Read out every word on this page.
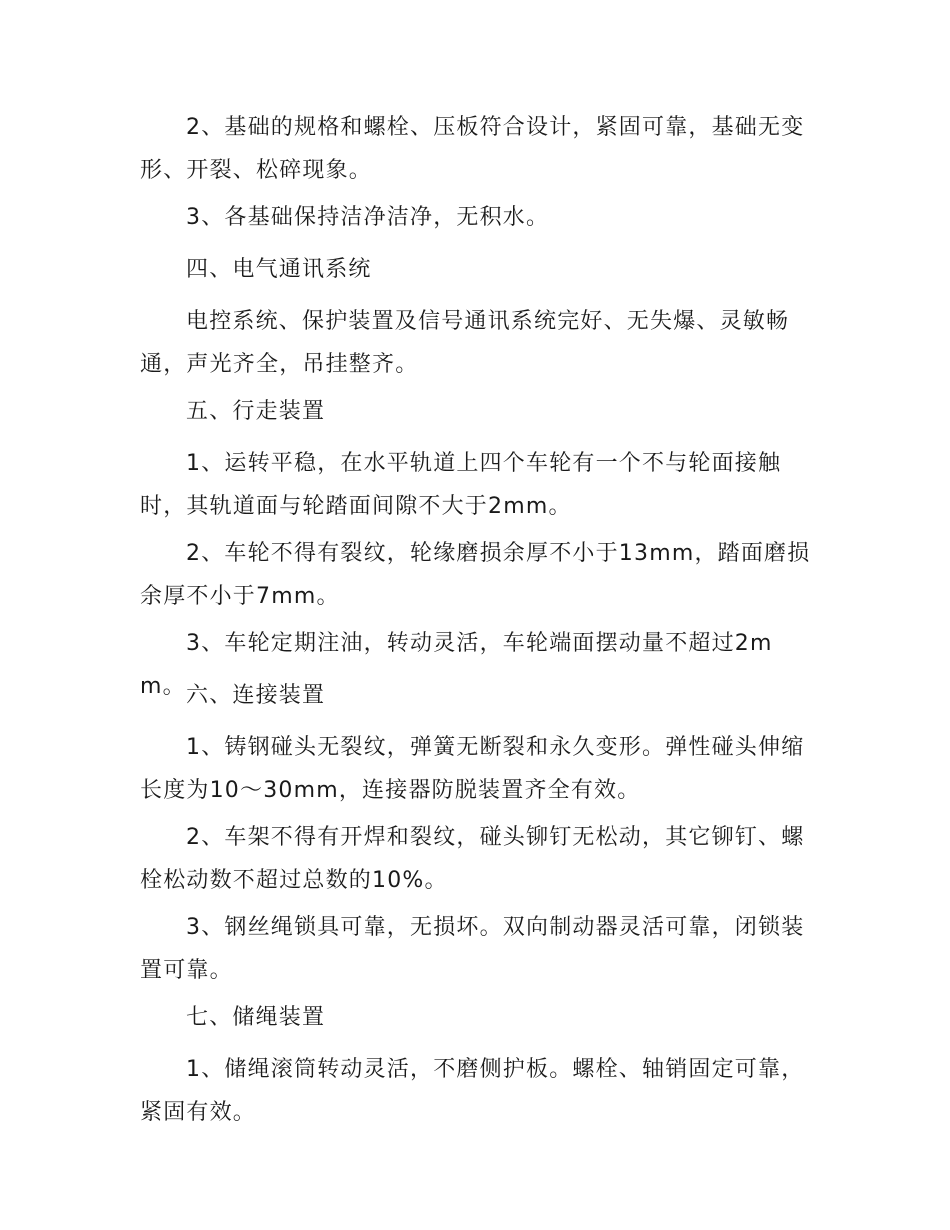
2、基础的规格和螺栓、压板符合设计，紧固可靠，基础无变形、开裂、松碎现象。

3、各基础保持洁净洁净，无积水。

四、电气通讯系统

电控系统、保护装置及信号通讯系统完好、无失爆、灵敏畅通，声光齐全，吊挂整齐。

五、行走装置

1、运转平稳，在水平轨道上四个车轮有一个不与轮面接触时，其轨道面与轮踏面间隙不大于2mm。

2、车轮不得有裂纹，轮缘磨损余厚不小于13mm，踏面磨损余厚不小于7mm。

3、车轮定期注油，转动灵活，车轮端面摆动量不超过2mm。 六、连接装置

1、铸钢碰头无裂纹，弹簧无断裂和永久变形。弹性碰头伸缩长度为10～30mm，连接器防脱装置齐全有效。

2、车架不得有开焊和裂纹，碰头铆钉无松动，其它铆钉、螺栓松动数不超过总数的10%。

3、钢丝绳锁具可靠，无损坏。双向制动器灵活可靠，闭锁装置可靠。

七、储绳装置

1、储绳滚筒转动灵活，不磨侧护板。螺栓、轴销固定可靠，紧固有效。
